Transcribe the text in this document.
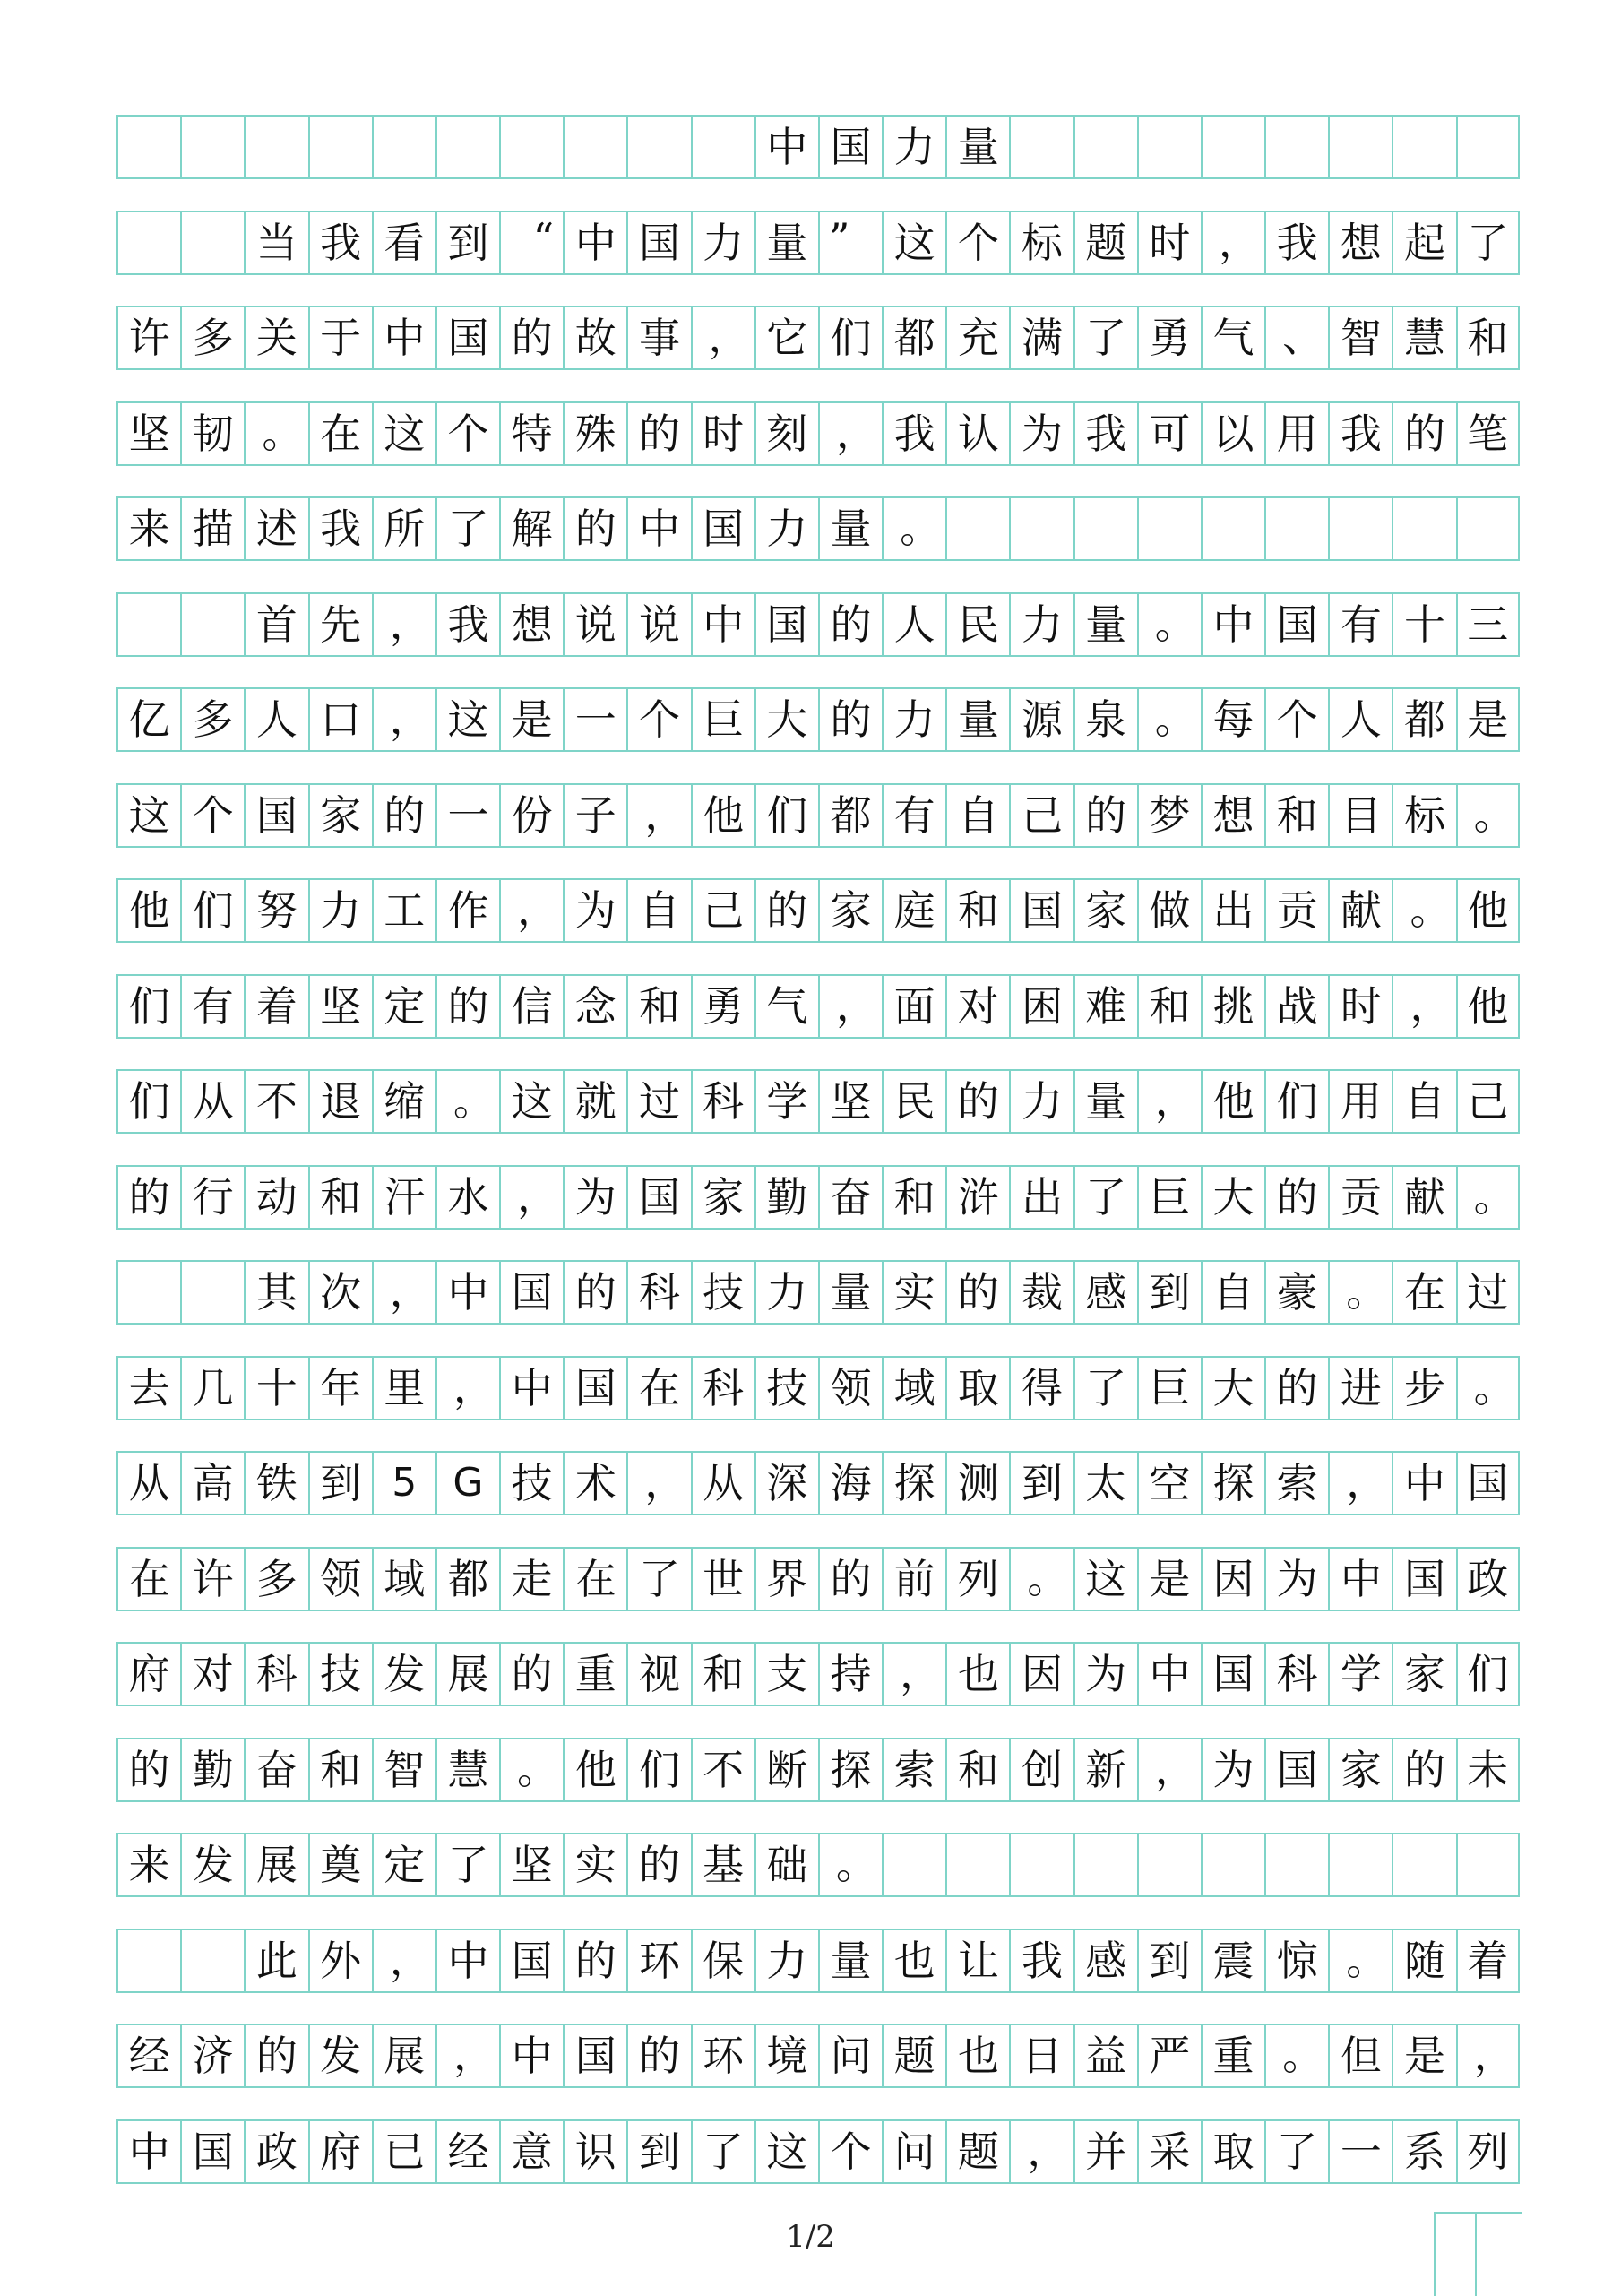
中 国 力 量
当 我 看 到	“ 中 国 力 量 ”	这 个 标 题 时 ， 我 想 起 了
许 多 关 于 中 国 的 故 事 ， 它 们 都 充 满 了 勇 气 、 智 慧 和
坚 韧 。 在 这 个 特 殊 的 时 刻 ， 我 认 为 我 可 以 用 我 的 笔
来 描 述 我 所 了 解 的 中 国 力 量 。
首 先 ， 我 想 说 说 中 国 的 人 民 力 量 。 中 国 有 十 三
亿 多 人 口 ， 这 是 一 个 巨 大 的 力 量 源 泉 。 每 个 人 都 是
这 个 国 家 的 一 份 子 ， 他 们 都 有 自 己 的 梦 想 和 目 标 。
他 们 努 力 工 作 ， 为 自 己 的 家 庭 和 国 家 做 出 贡 献 。 他
们 有 着 坚 定 的 信 念 和 勇 气 ， 面 对 困 难 和 挑 战 时 ， 他
们 从 不 退 缩 。 这 就 过 科 学 坚 民 的 力 量 ， 他 们 用 自 己
的 行 动 和 汗 水 ， 为 国 家 勤 奋 和 浒 出 了 巨 大 的 贡 献 。
其 次 ， 中 国 的 科 技 力 量 实 的 裁 感 到 自 豪 。 在 过
去 几 十 年 里 ， 中 国 在 科 技 领 域 取 得 了 巨 大 的 进 步 。
从 高 铁 到 5 G 技 术 ， 从 深 海 探 测 到 太 空 探 索 ， 中 国
在 许 多 领 域 都 走 在 了 世 界 的 前 列 。 这 是 因 为 中 国 政
府 对 科 技 发 展 的 重 视 和 支 持 ， 也 因 为 中 国 科 学 家 们
的 勤 奋 和 智 慧 。 他 们 不 断 探 索 和 创 新 ， 为 国 家 的 未
来 发 展 奠 定 了 坚 实 的 基 础 。
此 外 ， 中 国 的 环 保 力 量 也 让 我 感 到 震 惊 。 随 着
经 济 的 发 展 ， 中 国 的 环 境 问 题 也 日 益 严 重 。 但 是 ，
中 国 政 府 已 经 意 识 到 了 这 个 问 题 ， 并 采 取 了 一 系 列
1/2
